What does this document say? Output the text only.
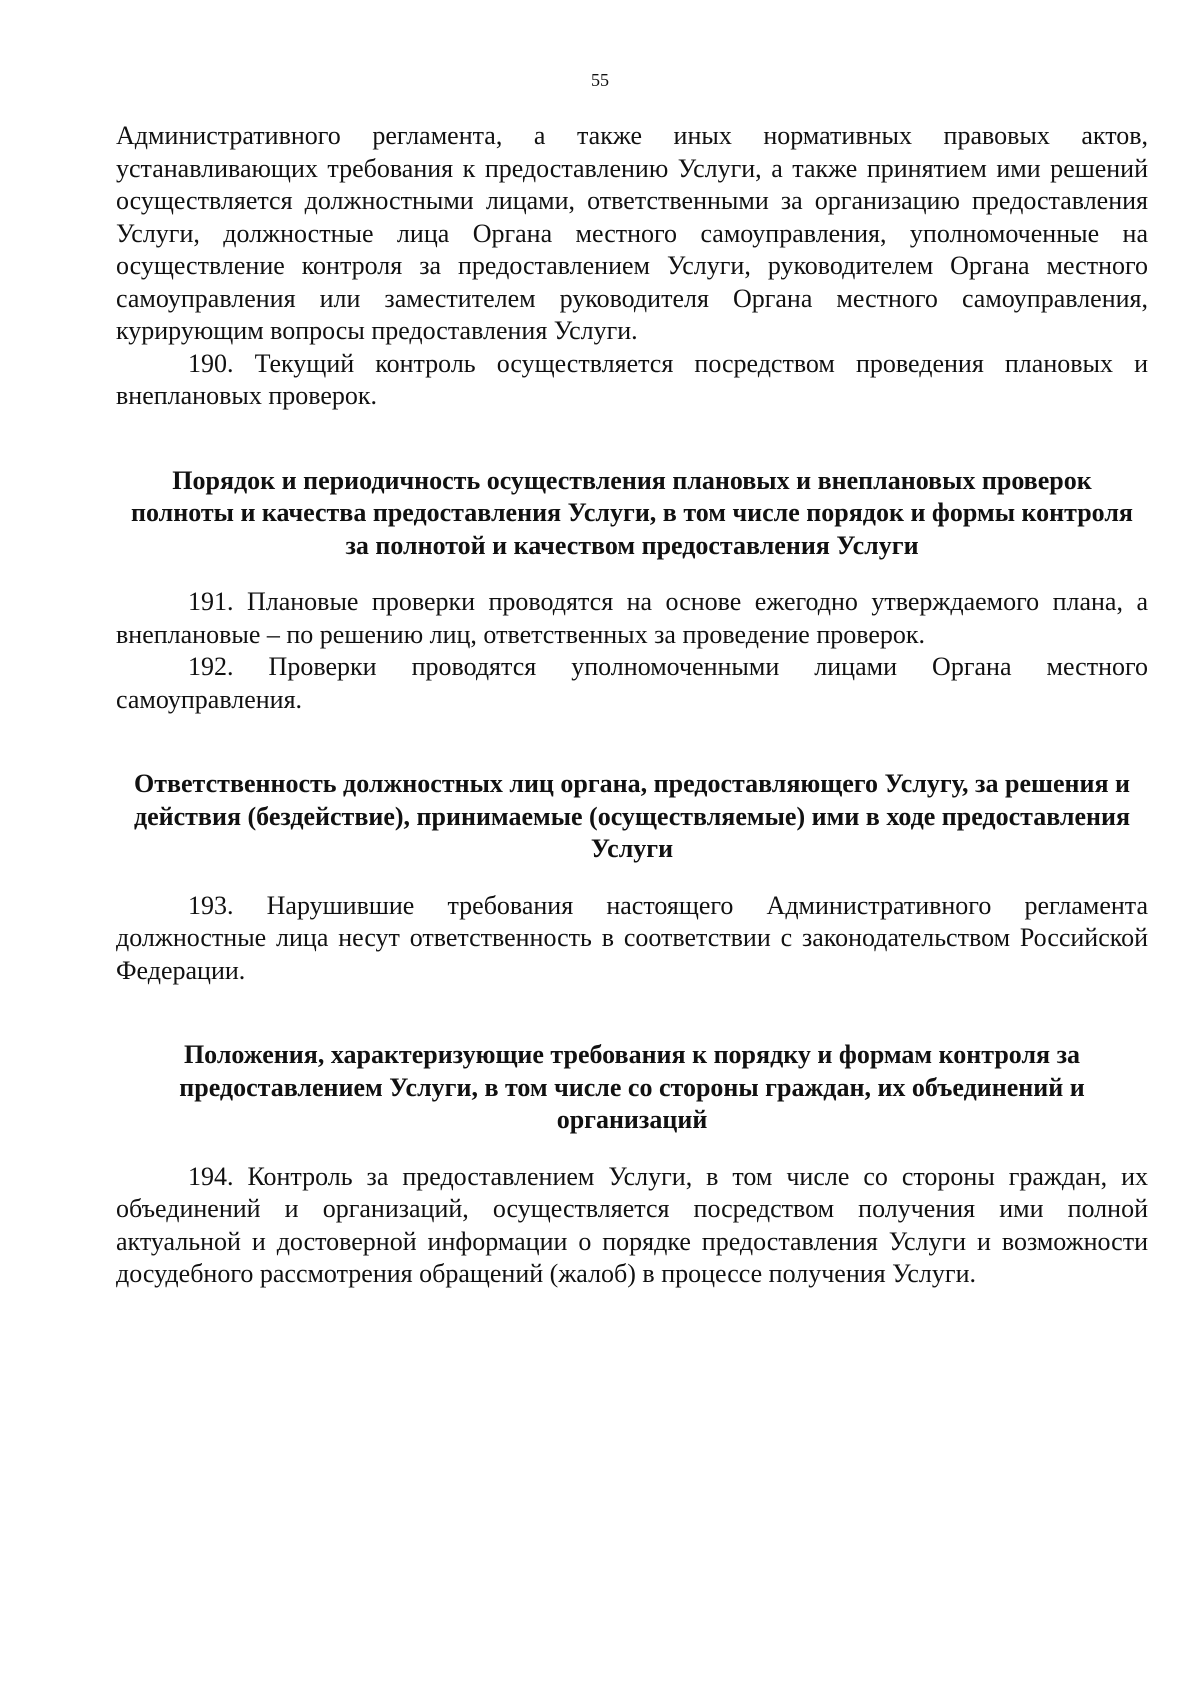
55

Административного регламента, а также иных нормативных правовых актов, устанавливающих требования к предоставлению Услуги, а также принятием ими решений осуществляется должностными лицами, ответственными за организацию предоставления Услуги, должностные лица Органа местного самоуправления, уполномоченные на осуществление контроля за предоставлением Услуги, руководителем Органа местного самоуправления или заместителем руководителя Органа местного самоуправления, курирующим вопросы предоставления Услуги.

190. Текущий контроль осуществляется посредством проведения плановых и внеплановых проверок.

Порядок и периодичность осуществления плановых и внеплановых проверок полноты и качества предоставления Услуги, в том числе порядок и формы контроля за полнотой и качеством предоставления Услуги

191. Плановые проверки проводятся на основе ежегодно утверждаемого плана, а внеплановые – по решению лиц, ответственных за проведение проверок.

192. Проверки проводятся уполномоченными лицами Органа местного самоуправления.

Ответственность должностных лиц органа, предоставляющего Услугу, за решения и действия (бездействие), принимаемые (осуществляемые) ими в ходе предоставления Услуги

193. Нарушившие требования настоящего Административного регламента должностные лица несут ответственность в соответствии с законодательством Российской Федерации.

Положения, характеризующие требования к порядку и формам контроля за предоставлением Услуги, в том числе со стороны граждан, их объединений и организаций

194. Контроль за предоставлением Услуги, в том числе со стороны граждан, их объединений и организаций, осуществляется посредством получения ими полной актуальной и достоверной информации о порядке предоставления Услуги и возможности досудебного рассмотрения обращений (жалоб) в процессе получения Услуги.
